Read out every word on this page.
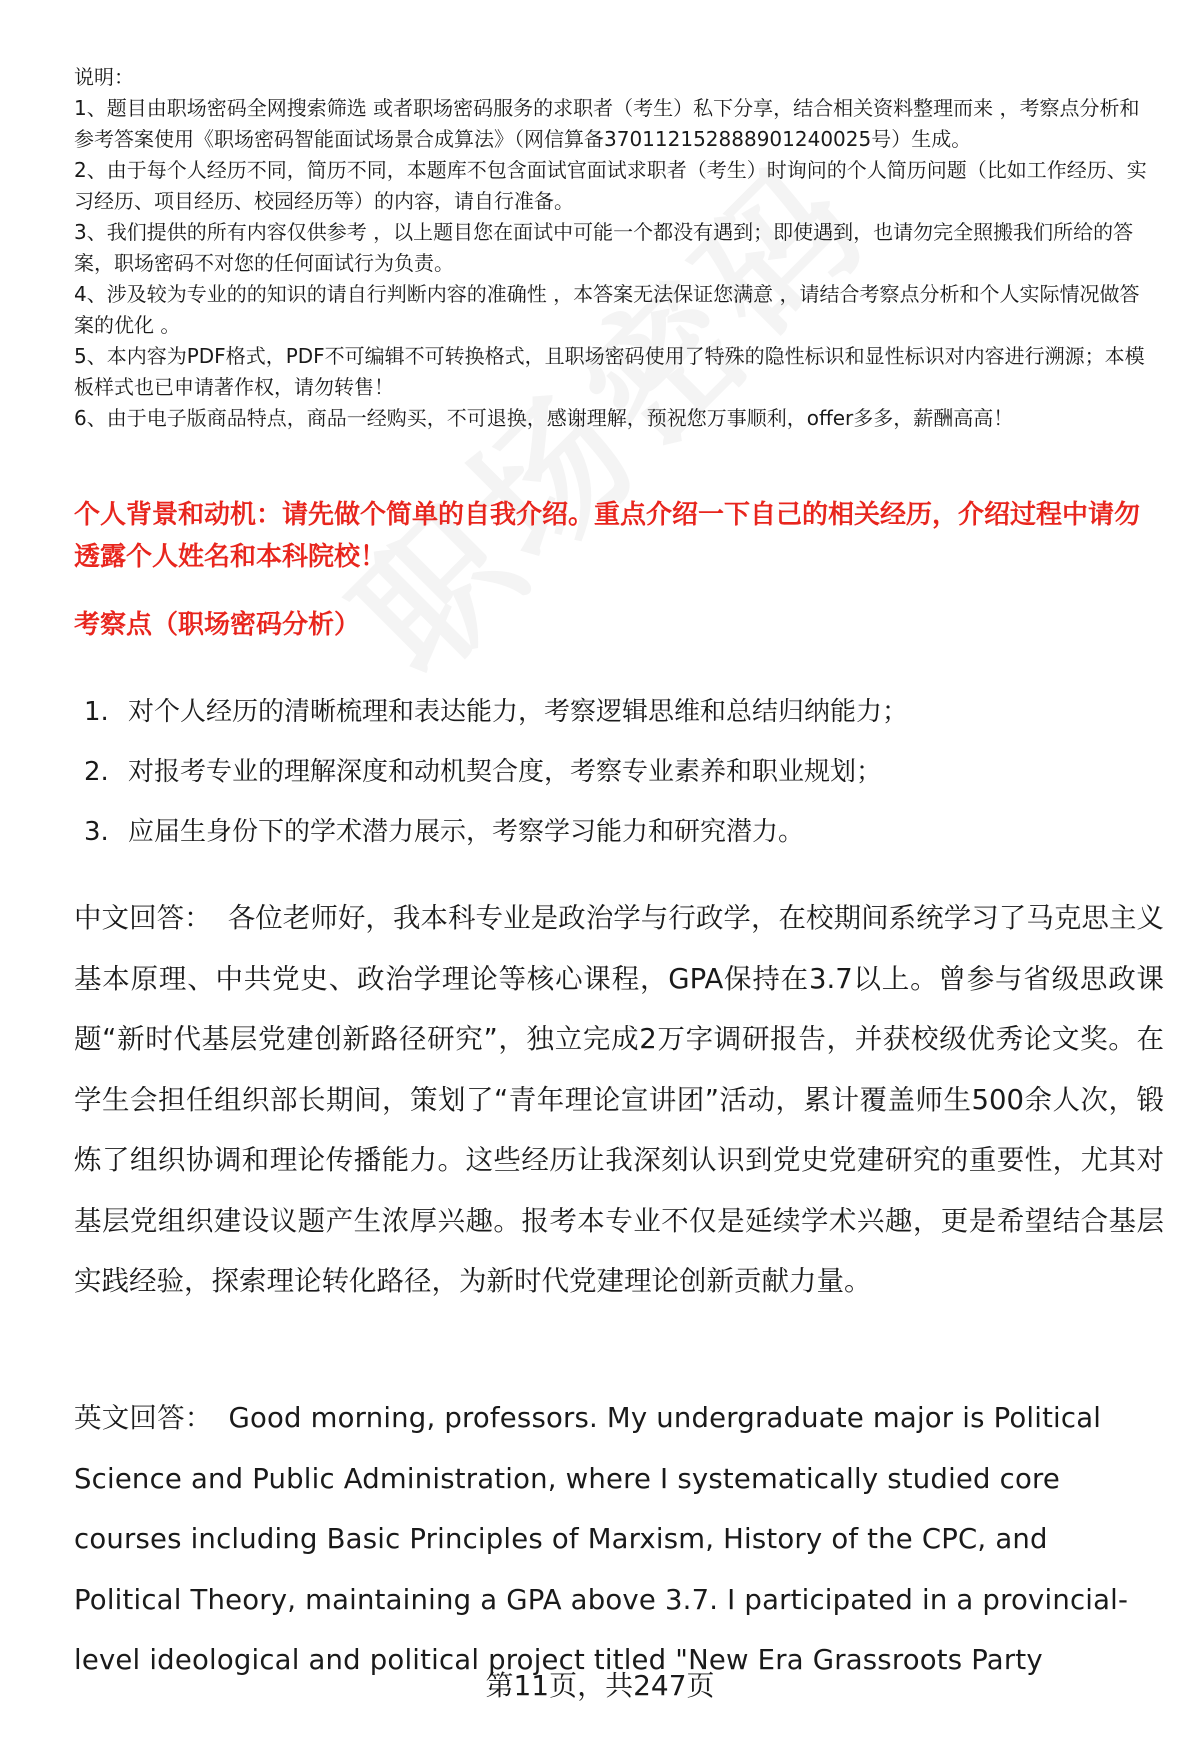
说明：
1、题目由职场密码全网搜索筛选 或者职场密码服务的求职者（考生）私下分享，结合相关资料整理而来 ，考察点分析和参考答案使用《职场密码智能面试场景合成算法》（网信算备370112152888901240025号）生成。
2、由于每个人经历不同，简历不同，本题库不包含面试官面试求职者（考生）时询问的个人简历问题（比如工作经历、实习经历、项目经历、校园经历等）的内容，请自行准备。
3、我们提供的所有内容仅供参考 ，以上题目您在面试中可能一个都没有遇到；即使遇到，也请勿完全照搬我们所给的答案，职场密码不对您的任何面试行为负责。
4、涉及较为专业的的知识的请自行判断内容的准确性 ，本答案无法保证您满意 ，请结合考察点分析和个人实际情况做答案的优化 。
5、本内容为PDF格式，PDF不可编辑不可转换格式，且职场密码使用了特殊的隐性标识和显性标识对内容进行溯源；本模板样式也已申请著作权，请勿转售！
6、由于电子版商品特点，商品一经购买，不可退换，感谢理解，预祝您万事顺利，offer多多，薪酬高高！
个人背景和动机：请先做个简单的自我介绍。重点介绍一下自己的相关经历，介绍过程中请勿透露个人姓名和本科院校！
考察点（职场密码分析）
1. 对个人经历的清晰梳理和表达能力，考察逻辑思维和总结归纳能力；
2. 对报考专业的理解深度和动机契合度，考察专业素养和职业规划；
3. 应届生身份下的学术潜力展示，考察学习能力和研究潜力。
中文回答： 各位老师好，我本科专业是政治学与行政学，在校期间系统学习了马克思主义基本原理、中共党史、政治学理论等核心课程，GPA保持在3.7以上。曾参与省级思政课题“新时代基层党建创新路径研究”，独立完成2万字调研报告，并获校级优秀论文奖。在学生会担任组织部长期间，策划了“青年理论宣讲团”活动，累计覆盖师生500余人次，锻炼了组织协调和理论传播能力。这些经历让我深刻认识到党史党建研究的重要性，尤其对基层党组织建设议题产生浓厚兴趣。报考本专业不仅是延续学术兴趣，更是希望结合基层实践经验，探索理论转化路径，为新时代党建理论创新贡献力量。
英文回答： Good morning, professors. My undergraduate major is Political Science and Public Administration, where I systematically studied core courses including Basic Principles of Marxism, History of the CPC, and Political Theory, maintaining a GPA above 3.7. I participated in a provincial-level ideological and political project titled "New Era Grassroots Party
第11页，共247页
